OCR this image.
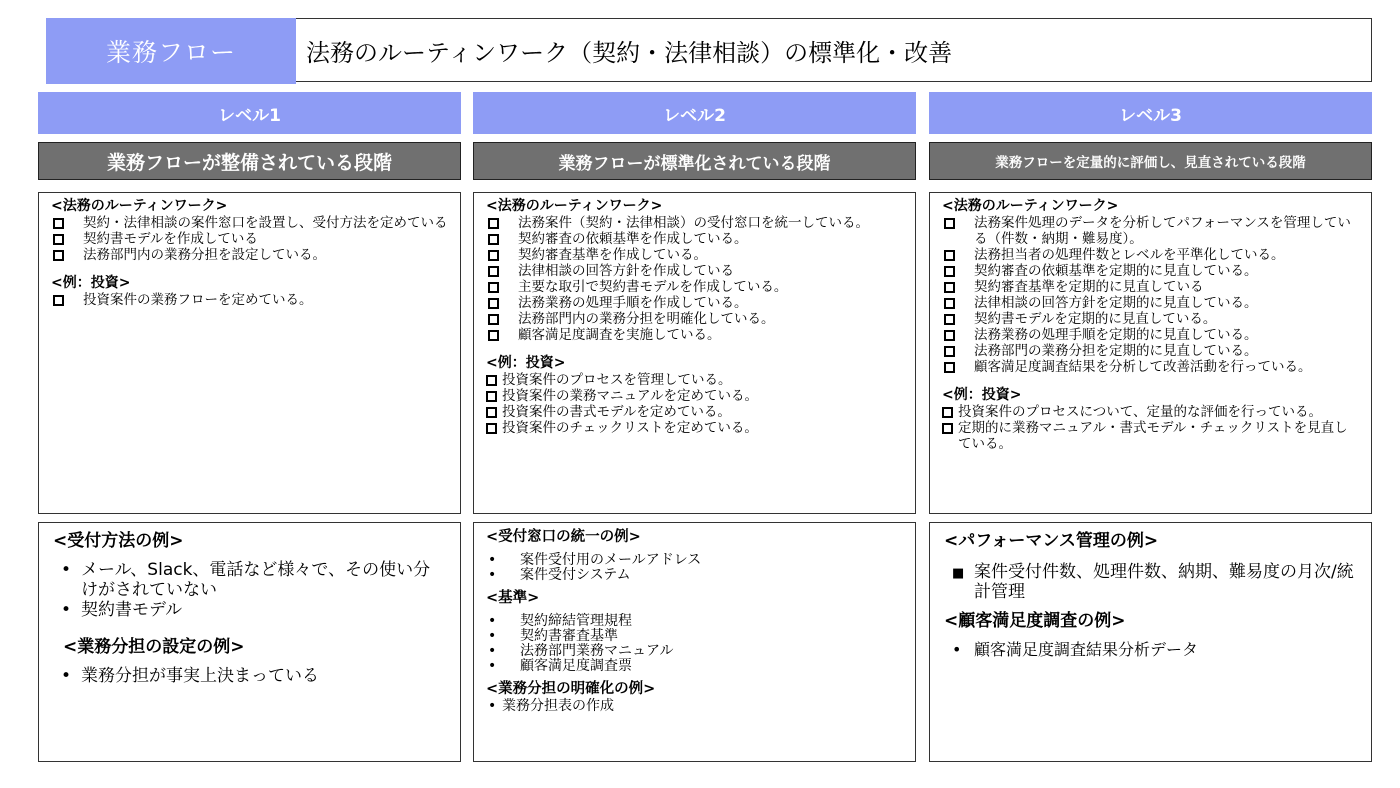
業務フロー	法務のルーティンワーク（契約・法律相談）の標準化・改善
レベル1
業務フローが整備されている段階
<法務のルーティンワーク>
契約・法律相談の案件窓口を設置し、受付方法を定めている
契約書モデルを作成している
法務部門内の業務分担を設定している。
<例：投資>
投資案件の業務フローを定めている。
<受付方法の例>
• メール、Slack、電話など様々で、その使い分けがされていない
• 契約書モデル
<業務分担の設定の例>
• 業務分担が事実上決まっている
レベル2
業務フローが標準化されている段階
<法務のルーティンワーク>
法務案件（契約・法律相談）の受付窓口を統一している。
契約審査の依頼基準を作成している。
契約審査基準を作成している。
法律相談の回答方針を作成している
主要な取引で契約書モデルを作成している。
法務業務の処理手順を作成している。
法務部門内の業務分担を明確化している。
顧客満足度調査を実施している。
<例：投資>
投資案件のプロセスを管理している。
投資案件の業務マニュアルを定めている。
投資案件の書式モデルを定めている。
投資案件のチェックリストを定めている。
<受付窓口の統一の例>
• 案件受付用のメールアドレス
• 案件受付システム
<基準>
• 契約締結管理規程
• 契約書審査基準
• 法務部門業務マニュアル
• 顧客満足度調査票
<業務分担の明確化の例>
• 業務分担表の作成
レベル3
業務フローを定量的に評価し、見直されている段階
<法務のルーティンワーク>
法務案件処理のデータを分析してパフォーマンスを管理している（件数・納期・難易度）。
法務担当者の処理件数とレベルを平準化している。
契約審査の依頼基準を定期的に見直している。
契約審査基準を定期的に見直している
法律相談の回答方針を定期的に見直している。
契約書モデルを定期的に見直している。
法務業務の処理手順を定期的に見直している。
法務部門の業務分担を定期的に見直している。
顧客満足度調査結果を分析して改善活動を行っている。
<例：投資>
投資案件のプロセスについて、定量的な評価を行っている。
定期的に業務マニュアル・書式モデル・チェックリストを見直している。
<パフォーマンス管理の例>
■ 案件受付件数、処理件数、納期、難易度の月次/統計管理
<顧客満足度調査の例>
• 顧客満足度調査結果分析データ
